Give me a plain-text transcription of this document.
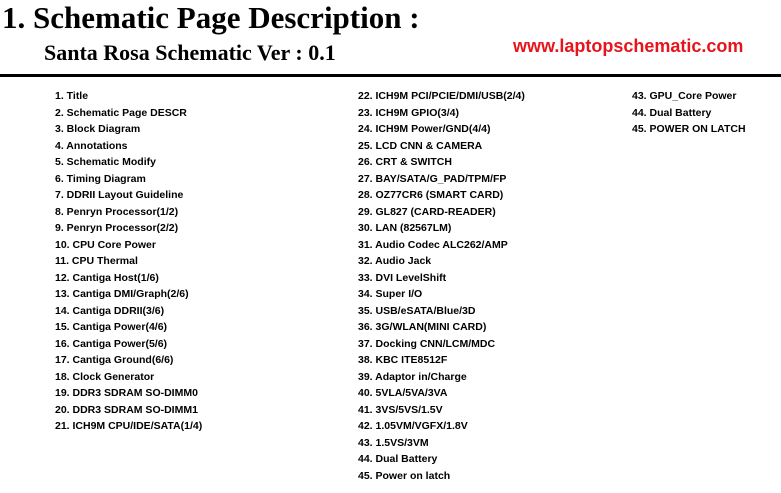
1. Schematic Page Description :
Santa Rosa Schematic Ver : 0.1	www.laptopschematic.com
1. Title
2. Schematic Page DESCR
3. Block Diagram
4. Annotations
5. Schematic Modify
6. Timing Diagram
7. DDRII Layout Guideline
8. Penryn Processor(1/2)
9. Penryn Processor(2/2)
10. CPU Core Power
11. CPU Thermal
12. Cantiga Host(1/6)
13. Cantiga DMI/Graph(2/6)
14. Cantiga DDRII(3/6)
15. Cantiga Power(4/6)
16. Cantiga Power(5/6)
17. Cantiga Ground(6/6)
18. Clock Generator
19. DDR3 SDRAM SO-DIMM0
20. DDR3 SDRAM SO-DIMM1
21. ICH9M CPU/IDE/SATA(1/4)
22. ICH9M PCI/PCIE/DMI/USB(2/4)
23. ICH9M GPIO(3/4)
24. ICH9M Power/GND(4/4)
25. LCD CNN & CAMERA
26. CRT & SWITCH
27. BAY/SATA/G_PAD/TPM/FP
28. OZ77CR6 (SMART CARD)
29. GL827 (CARD-READER)
30. LAN (82567LM)
31. Audio Codec ALC262/AMP
32. Audio Jack
33. DVI LevelShift
34. Super I/O
35. USB/eSATA/Blue/3D
36. 3G/WLAN(MINI CARD)
37. Docking CNN/LCM/MDC
38. KBC ITE8512F
39. Adaptor in/Charge
40. 5VLA/5VA/3VA
41. 3VS/5VS/1.5V
42. 1.05VM/VGFX/1.8V
43. 1.5VS/3VM
44. Dual Battery
45. Power on latch
43. GPU_Core Power
44. Dual Battery
45. POWER ON LATCH
